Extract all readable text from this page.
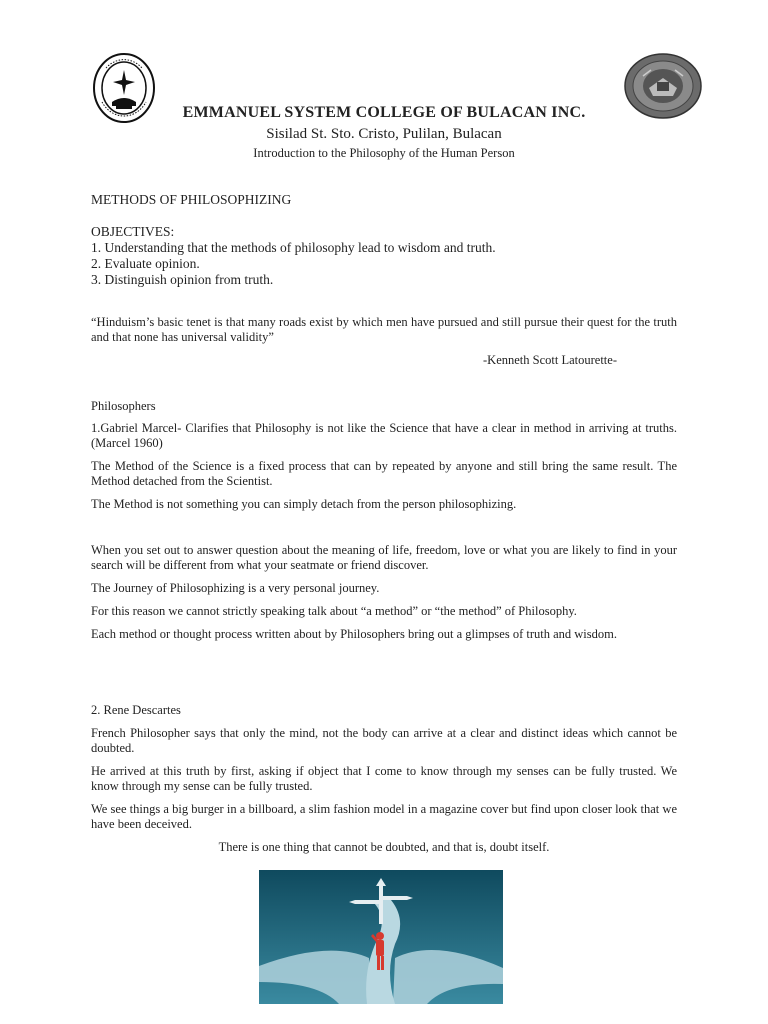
EMMANUEL SYSTEM COLLEGE OF BULACAN INC.
Sisilad St. Sto. Cristo, Pulilan, Bulacan
Introduction to the Philosophy of the Human Person
METHODS OF PHILOSOPHIZING
OBJECTIVES:
1. Understanding that the methods of philosophy lead to wisdom and truth.
2. Evaluate opinion.
3. Distinguish opinion from truth.

“Hinduism’s basic tenet is that many roads exist by which men have pursued and still pursue their quest for the truth and that none has universal validity”

-Kenneth Scott Latourette-
Philosophers

1.Gabriel Marcel- Clarifies that Philosophy is not like the Science that have a clear in method in arriving at truths. (Marcel 1960)

The Method of the Science is a fixed process that can by repeated by anyone and still bring the same result. The Method detached from the Scientist.

The Method is not something you can simply detach from the person philosophizing.

When you set out to answer question about the meaning of life, freedom, love or what you are likely to find in your search will be different from what your seatmate or friend discover.

The Journey of Philosophizing is a very personal journey.

For this reason we cannot strictly speaking talk about “a method” or “the method” of Philosophy.

Each method or thought process written about by Philosophers bring out a glimpses of truth and wisdom.

2. Rene Descartes

French Philosopher says that only the mind, not the body can arrive at a clear and distinct ideas which cannot be doubted.

He arrived at this truth by first, asking if object that I come to know through my senses can be fully trusted. We know through my sense can be fully trusted.

We see things a big burger in a billboard, a slim fashion model in a magazine cover but find upon closer look that we have been deceived.

There is one thing that cannot be doubted, and that is, doubt itself.
